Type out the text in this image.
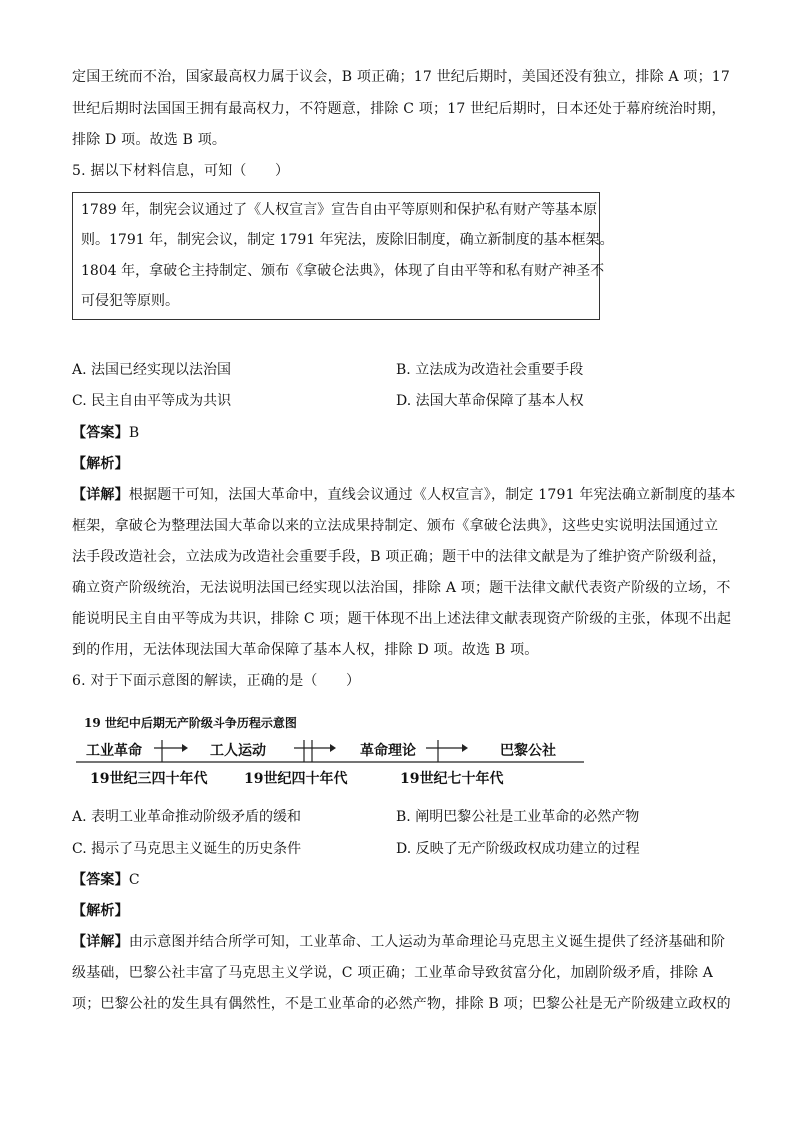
定国王统而不治，国家最高权力属于议会，B 项正确；17 世纪后期时，美国还没有独立，排除 A 项；17
世纪后期时法国国王拥有最高权力，不符题意，排除 C 项；17 世纪后期时，日本还处于幕府统治时期，
排除 D 项。故选 B 项。
5. 据以下材料信息，可知（　　）
1789 年，制宪会议通过了《人权宣言》宣告自由平等原则和保护私有财产等基本原
则。1791 年，制宪会议，制定 1791 年宪法，废除旧制度，确立新制度的基本框架。
1804 年，拿破仑主持制定、颁布《拿破仑法典》，体现了自由平等和私有财产神圣不
可侵犯等原则。
A. 法国已经实现以法治国	B. 立法成为改造社会重要手段
C. 民主自由平等成为共识	D. 法国大革命保障了基本人权
【答案】B
【解析】
【详解】根据题干可知，法国大革命中，直线会议通过《人权宣言》，制定 1791 年宪法确立新制度的基本
框架，拿破仑为整理法国大革命以来的立法成果持制定、颁布《拿破仑法典》，这些史实说明法国通过立
法手段改造社会，立法成为改造社会重要手段，B 项正确；题干中的法律文献是为了维护资产阶级利益，
确立资产阶级统治，无法说明法国已经实现以法治国，排除 A 项；题干法律文献代表资产阶级的立场，不
能说明民主自由平等成为共识，排除 C 项；题干体现不出上述法律文献表现资产阶级的主张，体现不出起
到的作用，无法体现法国大革命保障了基本人权，排除 D 项。故选 B 项。
6. 对于下面示意图的解读，正确的是（　　）
19 世纪中后期无产阶级斗争历程示意图
工业革命	工人运动	革命理论	巴黎公社
19世纪三四十年代	19世纪四十年代	19世纪七十年代
A. 表明工业革命推动阶级矛盾的缓和	B. 阐明巴黎公社是工业革命的必然产物
C. 揭示了马克思主义诞生的历史条件	D. 反映了无产阶级政权成功建立的过程
【答案】C
【解析】
【详解】由示意图并结合所学可知，工业革命、工人运动为革命理论马克思主义诞生提供了经济基础和阶
级基础，巴黎公社丰富了马克思主义学说，C 项正确；工业革命导致贫富分化，加剧阶级矛盾，排除 A
项；巴黎公社的发生具有偶然性，不是工业革命的必然产物，排除 B 项；巴黎公社是无产阶级建立政权的
